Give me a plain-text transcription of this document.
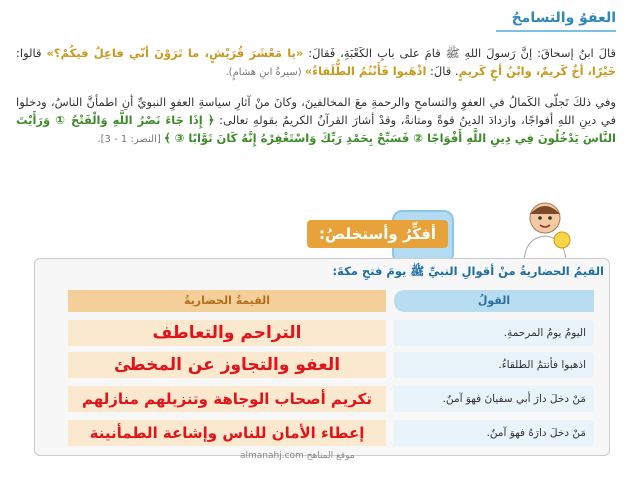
العفوُ والتسامحُ
قالَ ابنُ إسحاقَ: إنَّ رَسولَ اللهِ ﷺ قامَ على بابِ الكَعْبَةِ، فَقالَ: «يا مَعْشَرَ قُرَيْشٍ، ما تَرَوْنَ أنّي فاعِلٌ فيكُمْ؟» قالوا: خَيْرًا، أخٌ كَريمٌ، وابْنُ أخٍ كَريمٍ. قالَ: اذْهَبوا فَأَنْتُمُ الطُّلَقاءُ» (سيرةُ ابنِ هشامٍ).
وفي ذلكَ تَجلّى الكَمالُ في العفوِ والتسامحِ والرحمةِ معَ المخالفينَ، وكانَ منْ آثارِ سياسةِ العفوِ النبويِّ أنِ اطمأنَّ الناسُ، ودخلوا في دينِ اللهِ أفواجًا، وازدادَ الدينُ قوةً ومتانةً، وقدْ أشارَ القرآنُ الكريمُ بقولهِ تعالى: ﴿ إِذَا جَاءَ نَصْرُ اللَّهِ وَالْفَتْحُ ① وَرَأَيْتَ النَّاسَ يَدْخُلُونَ فِي دِينِ اللَّهِ أَفْوَاجًا ② فَسَبِّحْ بِحَمْدِ رَبِّكَ وَاسْتَغْفِرْهُ إِنَّهُ كَانَ تَوَّابًا ③ ﴾ [النصر: 1 - 3].
أفكِّرُ وأستخلصُ:
القيمُ الحضاريةُ منْ أقوالِ النبيِّ ﷺ يومَ فتحِ مكةَ:
القولُ
القيمةُ الحضاريةُ
اليومُ يومُ المرحمةِ.
التراحم والتعاطف
اذهبوا فأنتمُ الطلقاءُ.
العفو والتجاوز عن المخطئ
مَنْ دخلَ دارَ أبي سفيانَ فهوَ آمنٌ.
تكريم أصحاب الوجاهة وتنزيلهم منازلهم
مَنْ دخلَ دارَهُ فهوَ آمنٌ.
إعطاء الأمان للناس وإشاعة الطمأنينة
almanahj.com موقع المناهج
